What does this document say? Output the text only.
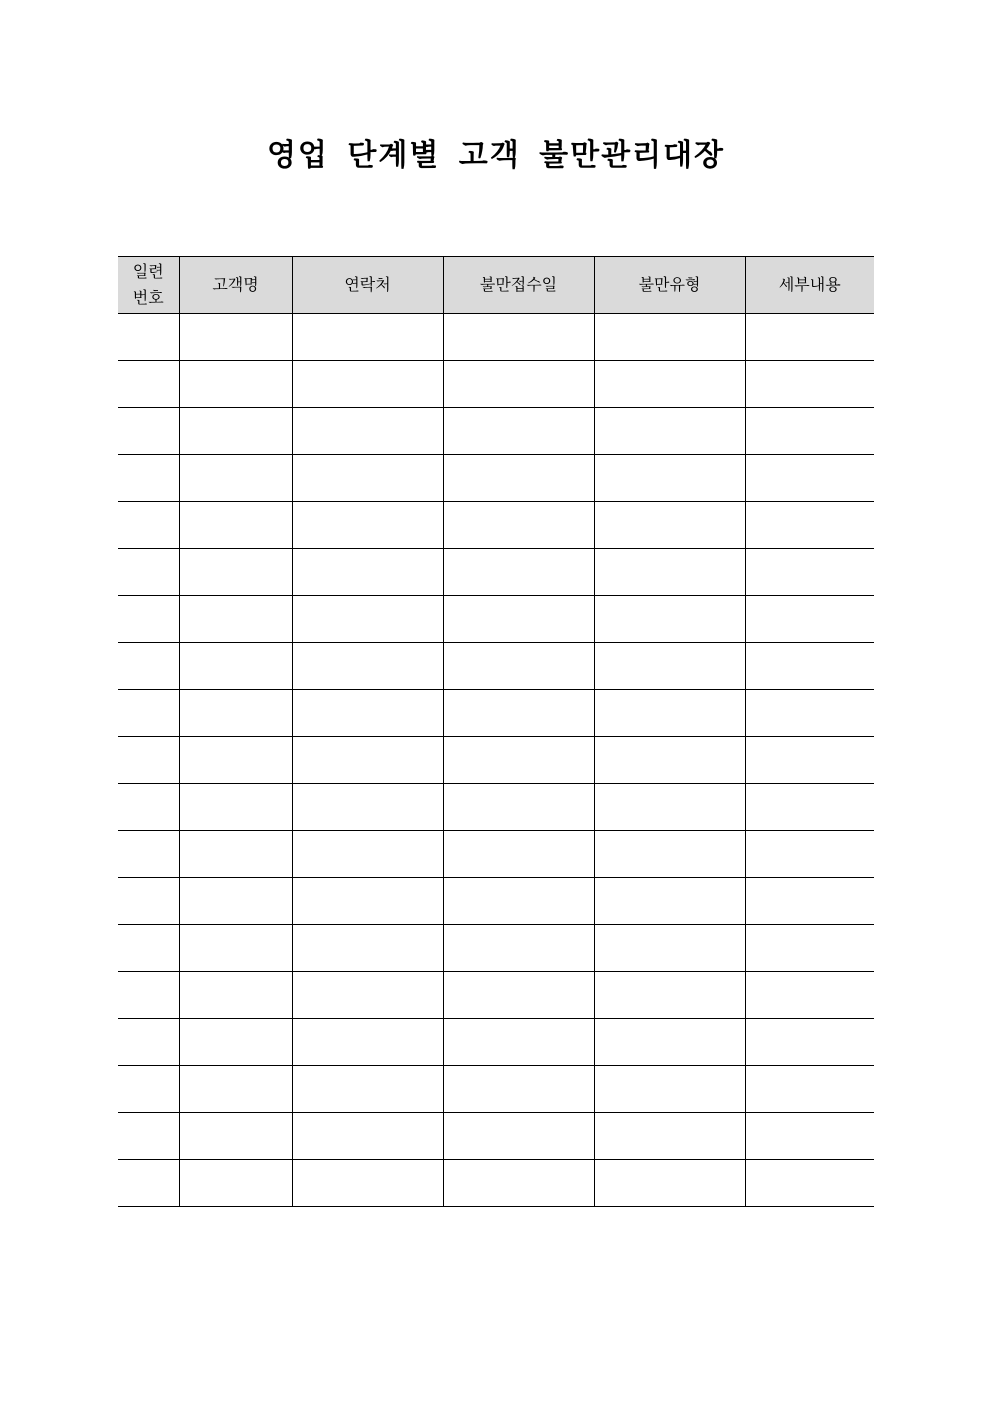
영업 단계별 고객 불만관리대장
일련
번호	고객명	연락처	불만접수일	불만유형	세부내용
